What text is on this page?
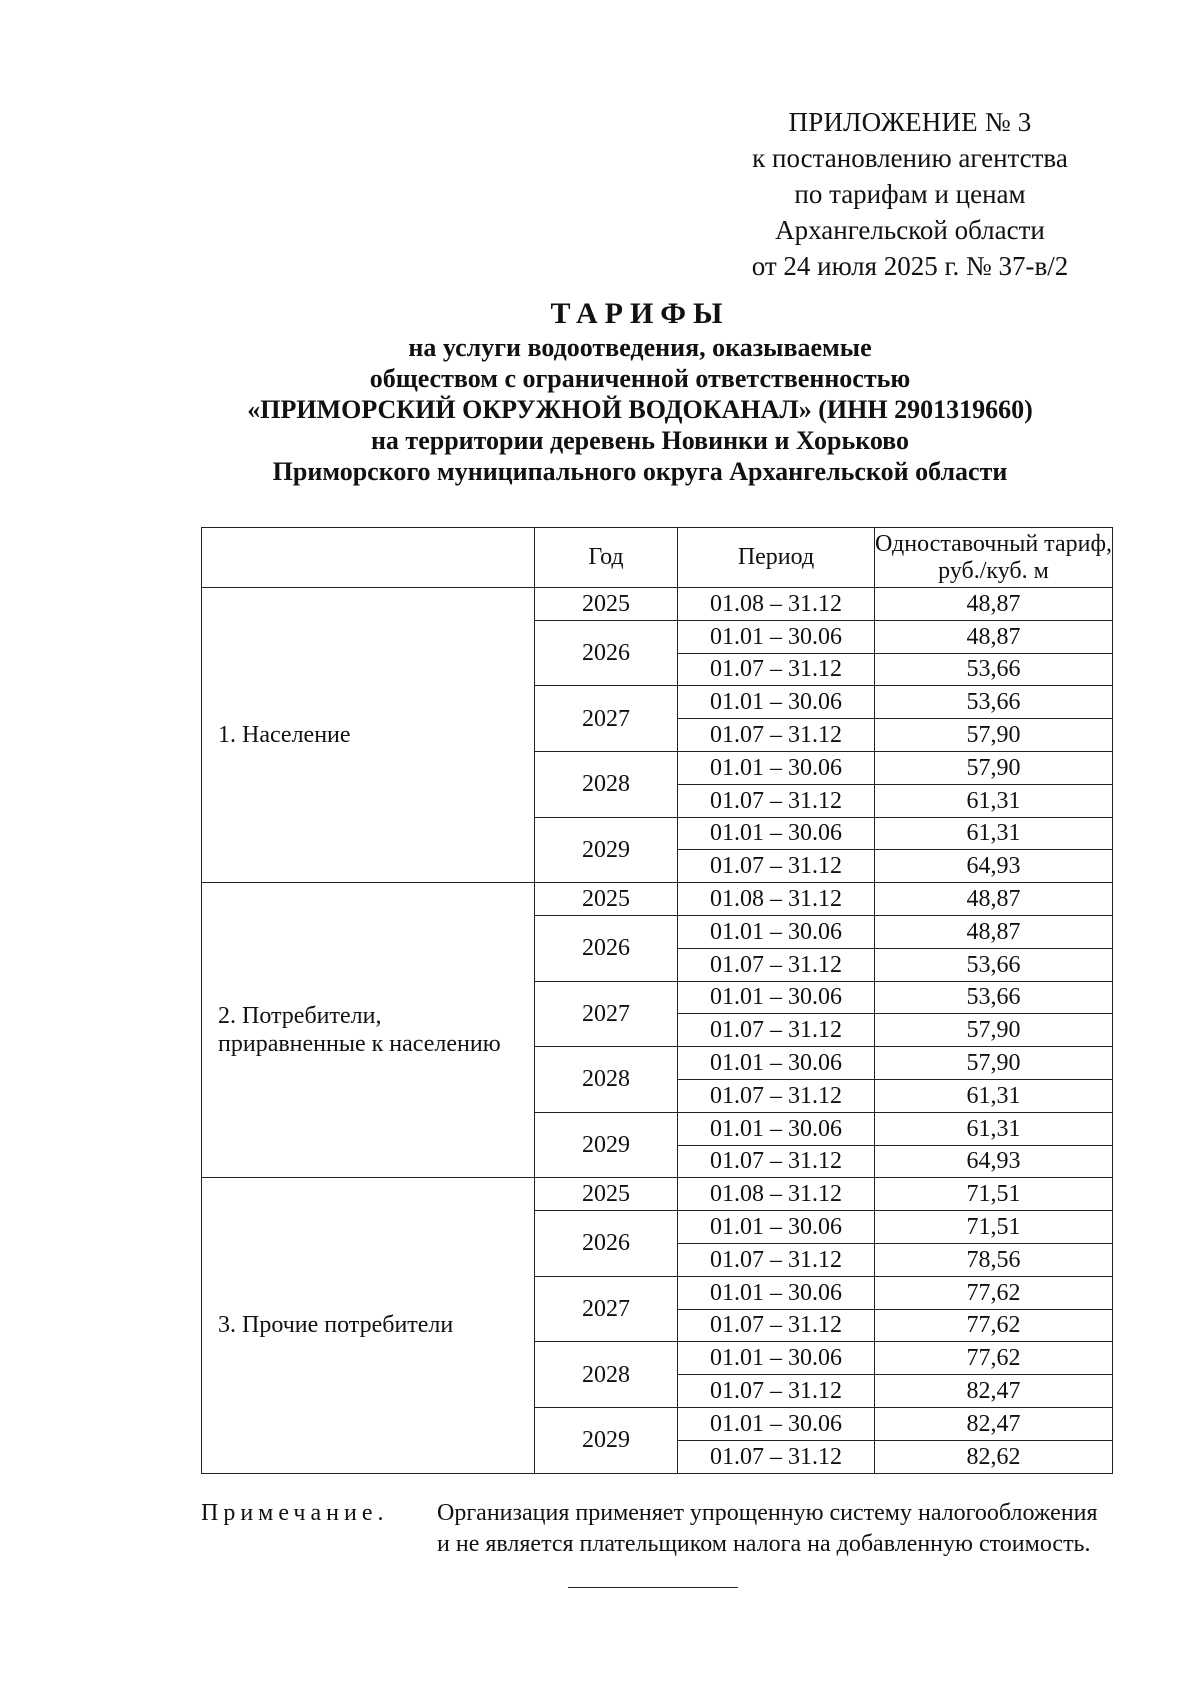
ПРИЛОЖЕНИЕ № 3
к постановлению агентства
по тарифам и ценам
Архангельской области
от 24 июля 2025 г. № 37-в/2
ТАРИФЫ
на услуги водоотведения, оказываемые
обществом с ограниченной ответственностью
«ПРИМОРСКИЙ ОКРУЖНОЙ ВОДОКАНАЛ» (ИНН 2901319660)
на территории деревень Новинки и Хорьково
Приморского муниципального округа Архангельской области
	Год	Период	Одноставочный тариф,
руб./куб. м

1. Население	2025	01.08 – 31.12	48,87
	2026	01.01 – 30.06	48,87
		01.07 – 31.12	53,66
	2027	01.01 – 30.06	53,66
		01.07 – 31.12	57,90
	2028	01.01 – 30.06	57,90
		01.07 – 31.12	61,31
	2029	01.01 – 30.06	61,31
		01.07 – 31.12	64,93

2. Потребители,
приравненные к населению	2025	01.08 – 31.12	48,87
	2026	01.01 – 30.06	48,87
		01.07 – 31.12	53,66
	2027	01.01 – 30.06	53,66
		01.07 – 31.12	57,90
	2028	01.01 – 30.06	57,90
		01.07 – 31.12	61,31
	2029	01.01 – 30.06	61,31
		01.07 – 31.12	64,93

3. Прочие потребители	2025	01.08 – 31.12	71,51
	2026	01.01 – 30.06	71,51
		01.07 – 31.12	78,56
	2027	01.01 – 30.06	77,62
		01.07 – 31.12	77,62
	2028	01.01 – 30.06	77,62
		01.07 – 31.12	82,47
	2029	01.01 – 30.06	82,47
		01.07 – 31.12	82,62
Примечание. Организация применяет упрощенную систему налогообложения
и не является плательщиком налога на добавленную стоимость.
